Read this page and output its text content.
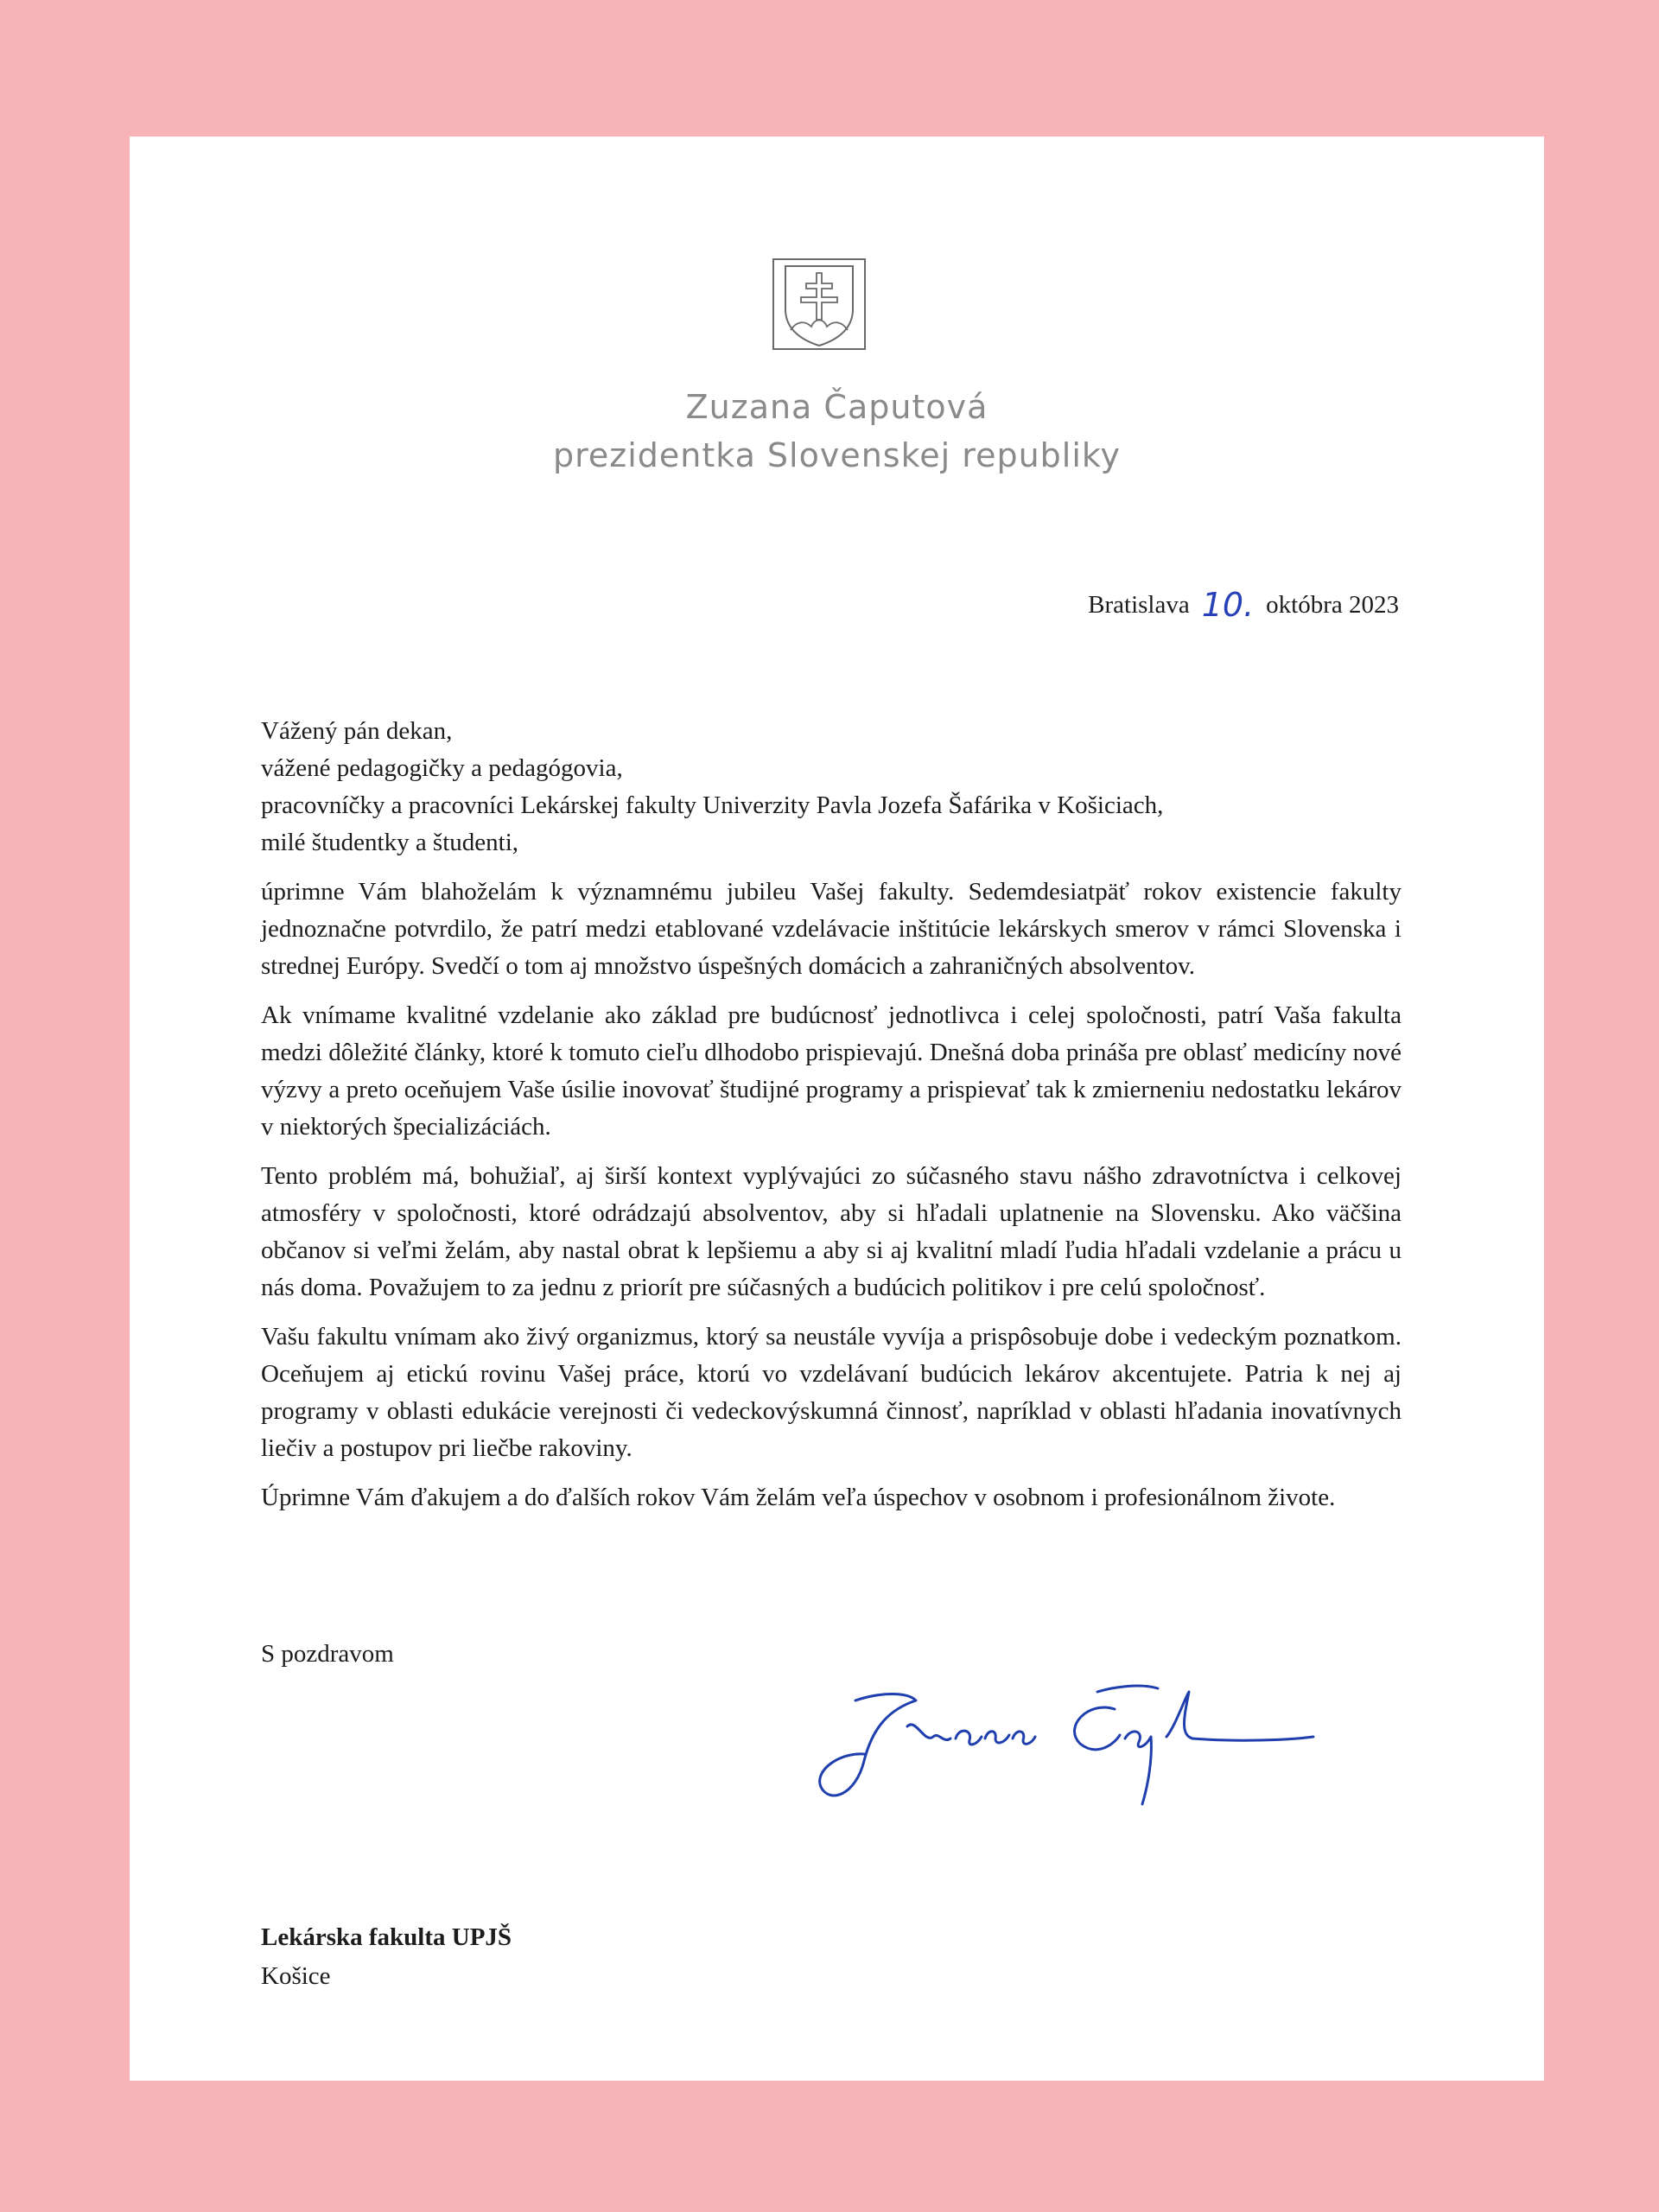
Zuzana Čaputová
prezidentka Slovenskej republiky
Bratislava 10. októbra 2023

Vážený pán dekan,

vážené pedagogičky a pedagógovia,

pracovníčky a pracovníci Lekárskej fakulty Univerzity Pavla Jozefa Šafárika v Košiciach,

milé študentky a študenti,

úprimne Vám blahoželám k významnému jubileu Vašej fakulty. Sedemdesiatpäť rokov existencie fakulty jednoznačne potvrdilo, že patrí medzi etablované vzdelávacie inštitúcie lekárskych smerov v rámci Slovenska i strednej Európy. Svedčí o tom aj množstvo úspešných domácich a zahraničných absolventov.

Ak vnímame kvalitné vzdelanie ako základ pre budúcnosť jednotlivca i celej spoločnosti, patrí Vaša fakulta medzi dôležité články, ktoré k tomuto cieľu dlhodobo prispievajú. Dnešná doba prináša pre oblasť medicíny nové výzvy a preto oceňujem Vaše úsilie inovovať študijné programy a prispievať tak k zmierneniu nedostatku lekárov v niektorých špecializáciách.

Tento problém má, bohužiaľ, aj širší kontext vyplývajúci zo súčasného stavu nášho zdravotníctva i celkovej atmosféry v spoločnosti, ktoré odrádzajú absolventov, aby si hľadali uplatnenie na Slovensku. Ako väčšina občanov si veľmi želám, aby nastal obrat k lepšiemu a aby si aj kvalitní mladí ľudia hľadali vzdelanie a prácu u nás doma. Považujem to za jednu z priorít pre súčasných a budúcich politikov i pre celú spoločnosť.

Vašu fakultu vnímam ako živý organizmus, ktorý sa neustále vyvíja a prispôsobuje dobe i vedeckým poznatkom. Oceňujem aj etickú rovinu Vašej práce, ktorú vo vzdelávaní budúcich lekárov akcentujete. Patria k nej aj programy v oblasti edukácie verejnosti či vedeckovýskumná činnosť, napríklad v oblasti hľadania inovatívnych liečiv a postupov pri liečbe rakoviny.

Úprimne Vám ďakujem a do ďalších rokov Vám želám veľa úspechov v osobnom i profesionálnom živote.

S pozdravom
Lekárska fakulta UPJŠ
Košice
